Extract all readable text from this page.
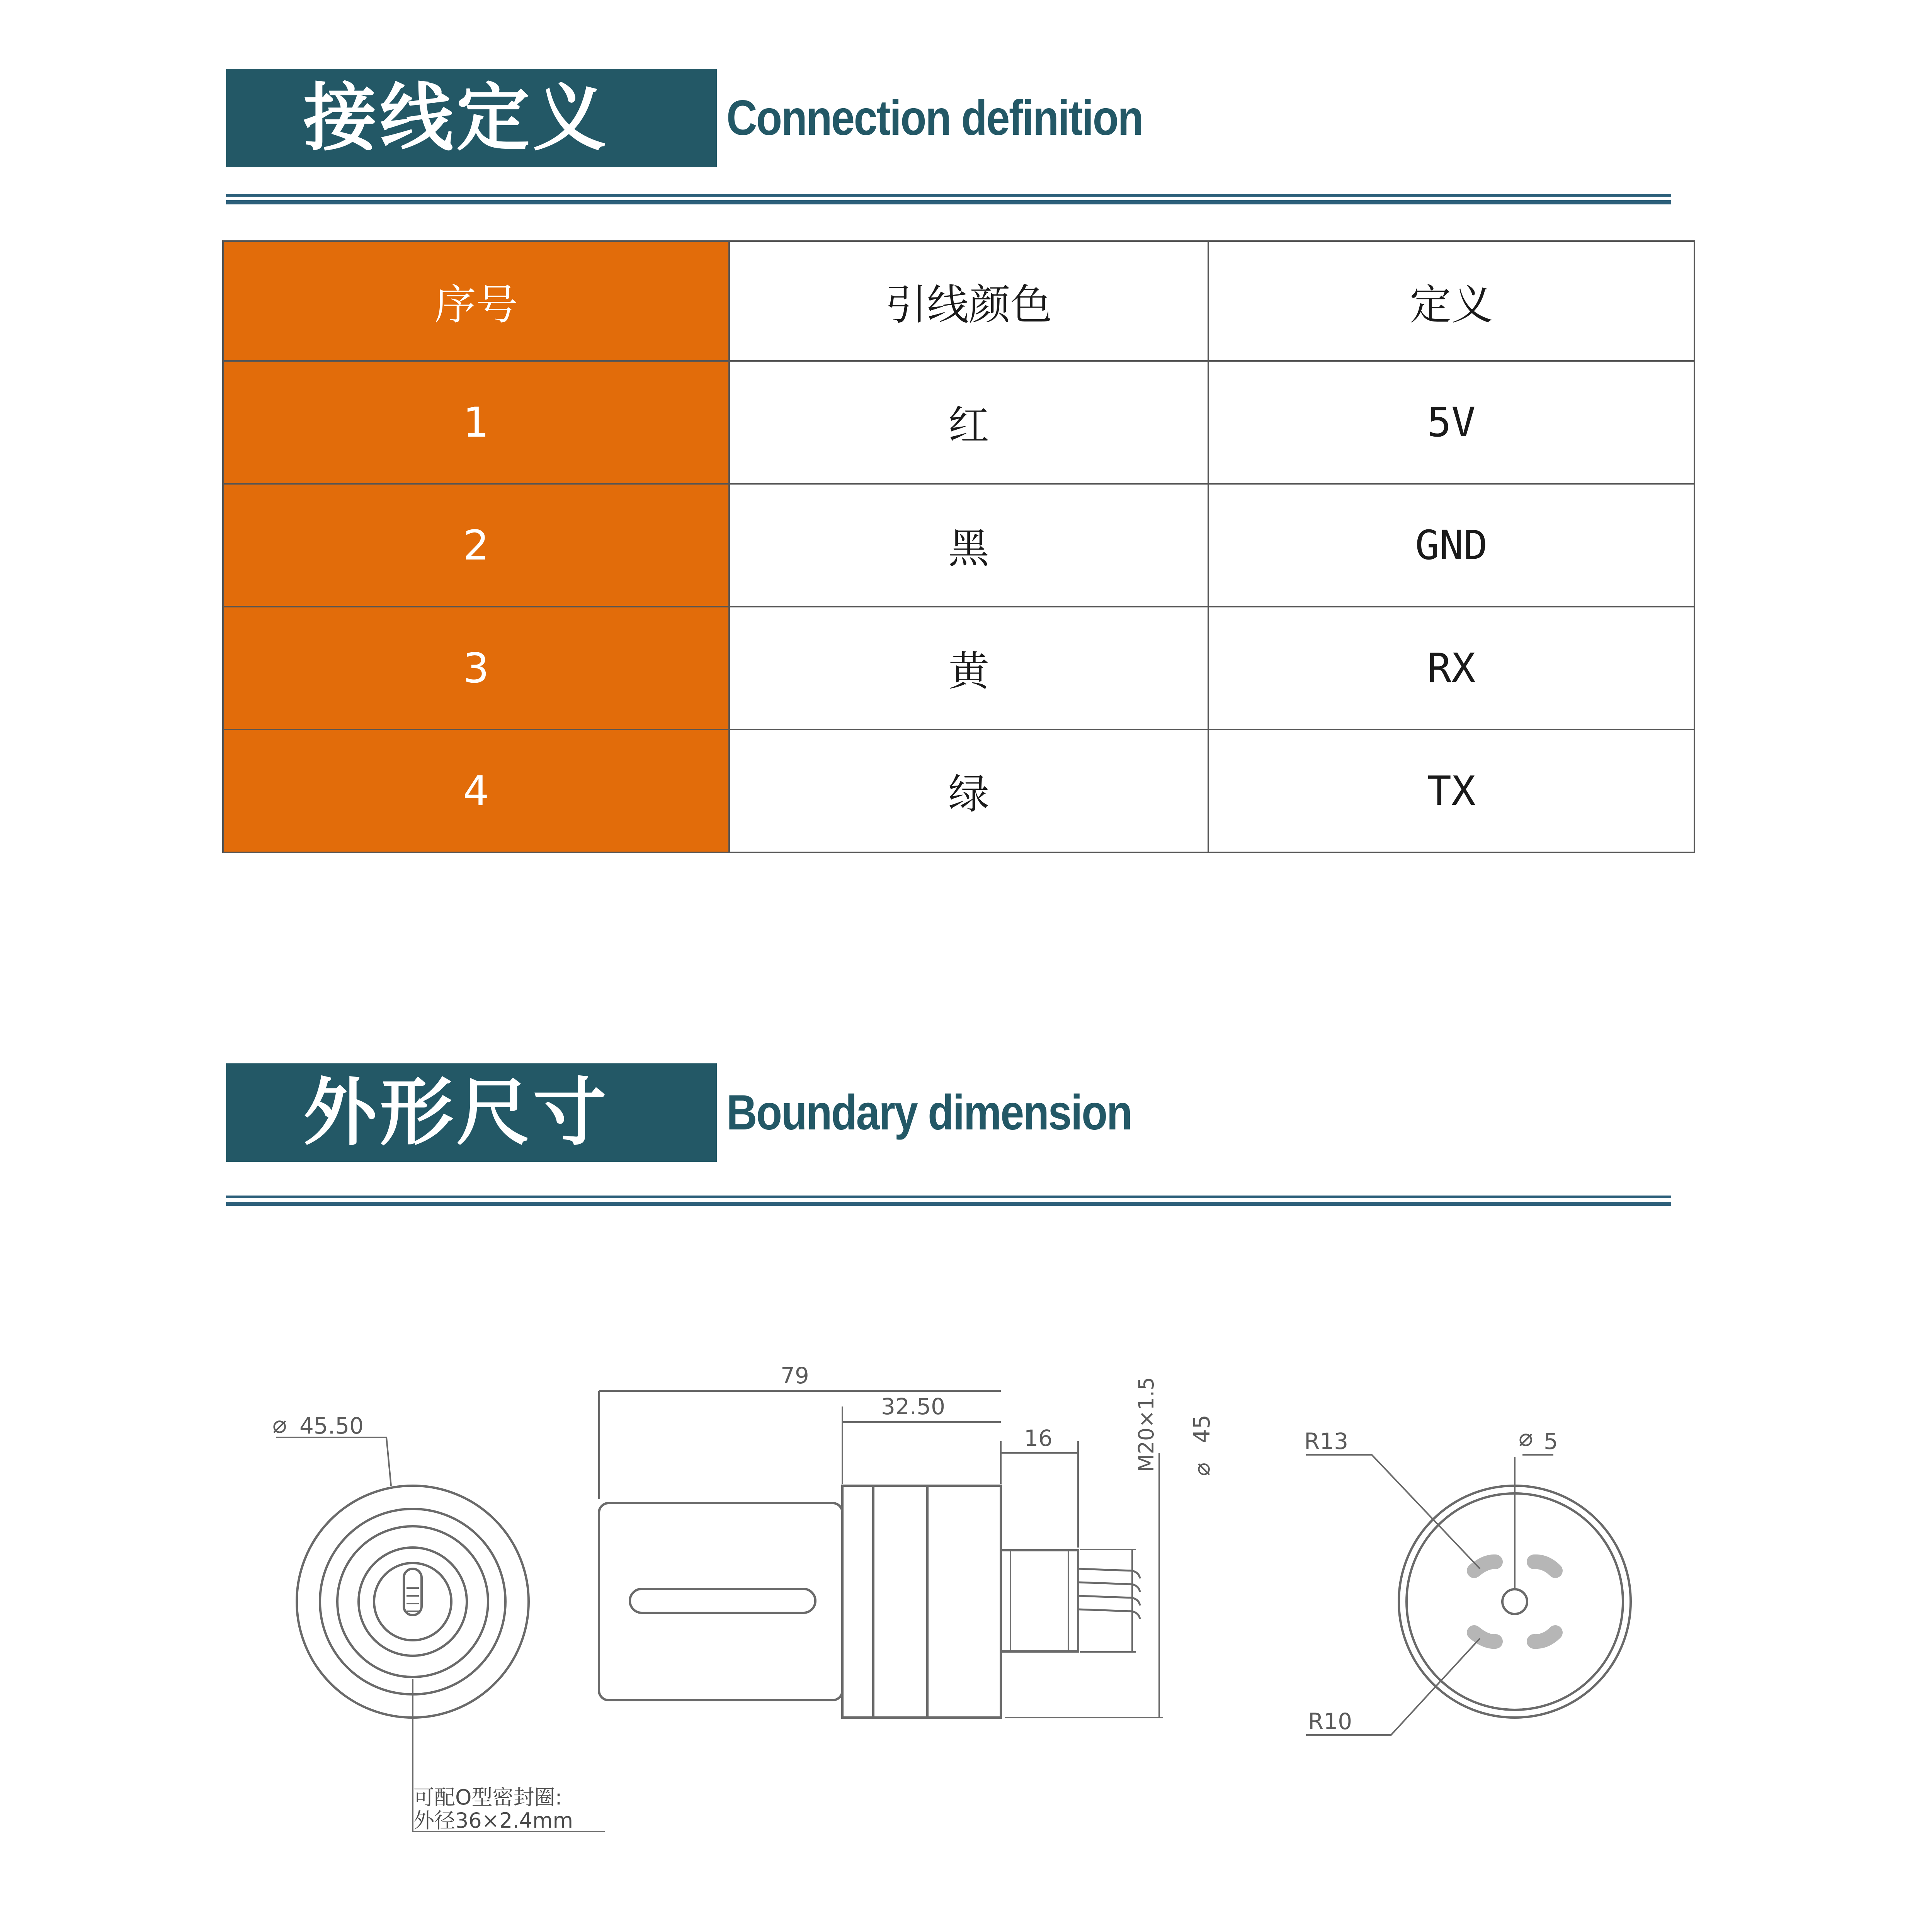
接线定义	Connection definition
序号	引线颜色	定义
1	红	5V
2	黑	GND
3	黄	RX
4	绿	TX
外形尺寸	Boundary dimension
45.50
⌀
79
32.50
16	M20×1.5 45
⌀
R13	⌀ 5
R10
可配O型密封圈:
外径36×2.4mm
